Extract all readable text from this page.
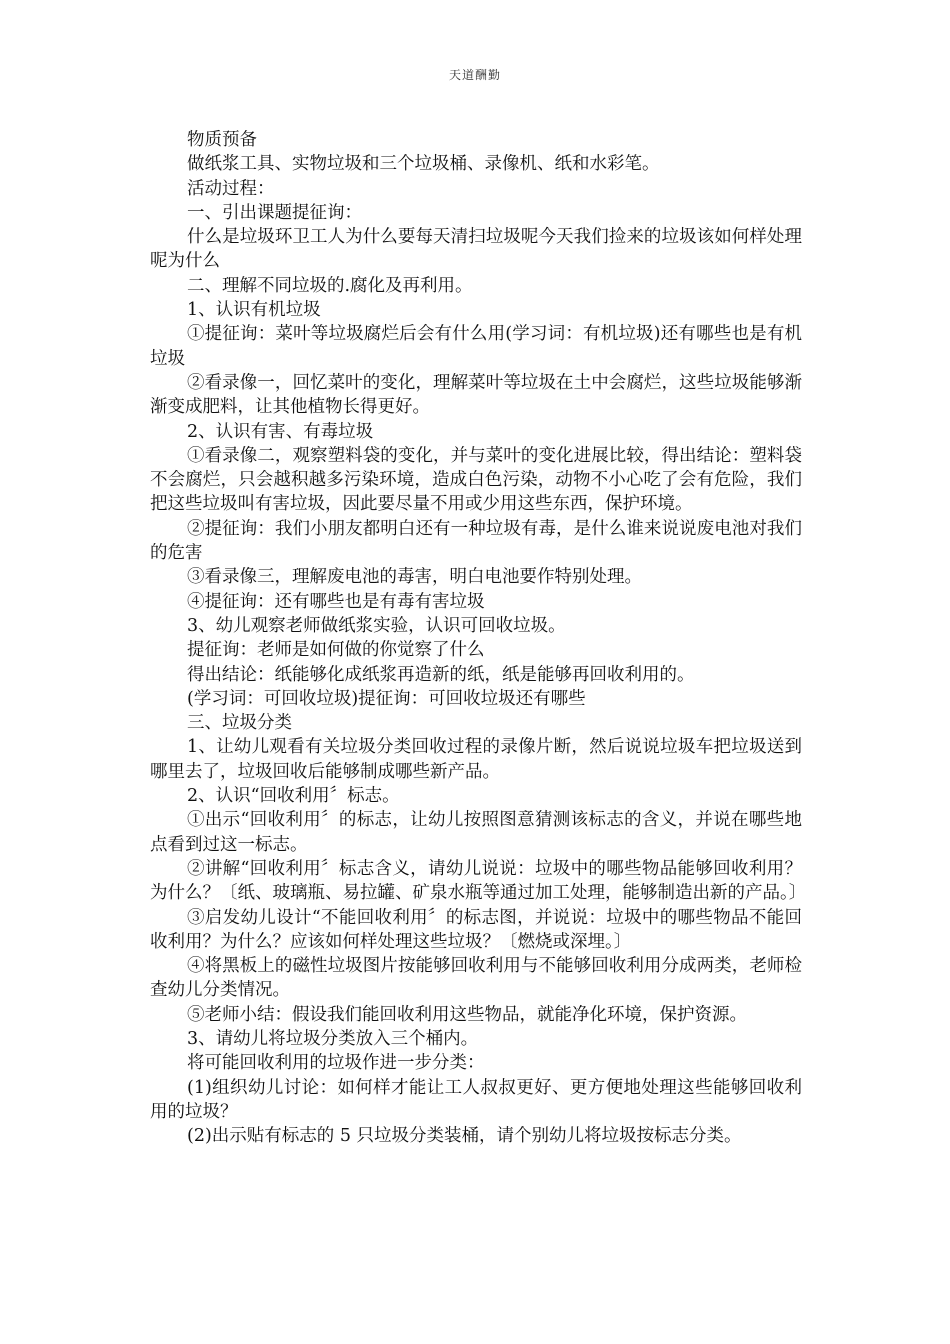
天道酬勤

物质预备

做纸浆工具、实物垃圾和三个垃圾桶、录像机、纸和水彩笔。

活动过程：

一、引出课题提征询：

什么是垃圾环卫工人为什么要每天清扫垃圾呢今天我们捡来的垃圾该如何样处理呢为什么

二、理解不同垃圾的.腐化及再利用。

1、认识有机垃圾

①提征询：菜叶等垃圾腐烂后会有什么用(学习词：有机垃圾)还有哪些也是有机垃圾

②看录像一，回忆菜叶的变化，理解菜叶等垃圾在土中会腐烂，这些垃圾能够渐渐变成肥料，让其他植物长得更好。

2、认识有害、有毒垃圾

①看录像二，观察塑料袋的变化，并与菜叶的变化进展比较，得出结论：塑料袋不会腐烂，只会越积越多污染环境，造成白色污染，动物不小心吃了会有危险，我们把这些垃圾叫有害垃圾，因此要尽量不用或少用这些东西，保护环境。

②提征询：我们小朋友都明白还有一种垃圾有毒，是什么谁来说说废电池对我们的危害

③看录像三，理解废电池的毒害，明白电池要作特别处理。

④提征询：还有哪些也是有毒有害垃圾

3、幼儿观察老师做纸浆实验，认识可回收垃圾。

提征询：老师是如何做的你觉察了什么

得出结论：纸能够化成纸浆再造新的纸，纸是能够再回收利用的。

(学习词：可回收垃圾)提征询：可回收垃圾还有哪些

三、垃圾分类

1、让幼儿观看有关垃圾分类回收过程的录像片断，然后说说垃圾车把垃圾送到哪里去了，垃圾回收后能够制成哪些新产品。

2、认识“回收利用〞标志。

①出示“回收利用〞的标志，让幼儿按照图意猜测该标志的含义，并说在哪些地点看到过这一标志。

②讲解“回收利用〞标志含义，请幼儿说说：垃圾中的哪些物品能够回收利用？为什么？〔纸、玻璃瓶、易拉罐、矿泉水瓶等通过加工处理，能够制造出新的产品。〕

③启发幼儿设计“不能回收利用〞的标志图，并说说：垃圾中的哪些物品不能回收利用？为什么？应该如何样处理这些垃圾？〔燃烧或深埋。〕

④将黑板上的磁性垃圾图片按能够回收利用与不能够回收利用分成两类，老师检查幼儿分类情况。

⑤老师小结：假设我们能回收利用这些物品，就能净化环境，保护资源。

3、请幼儿将垃圾分类放入三个桶内。

将可能回收利用的垃圾作进一步分类：

(1)组织幼儿讨论：如何样才能让工人叔叔更好、更方便地处理这些能够回收利用的垃圾？

(2)出示贴有标志的 5 只垃圾分类装桶，请个别幼儿将垃圾按标志分类。
